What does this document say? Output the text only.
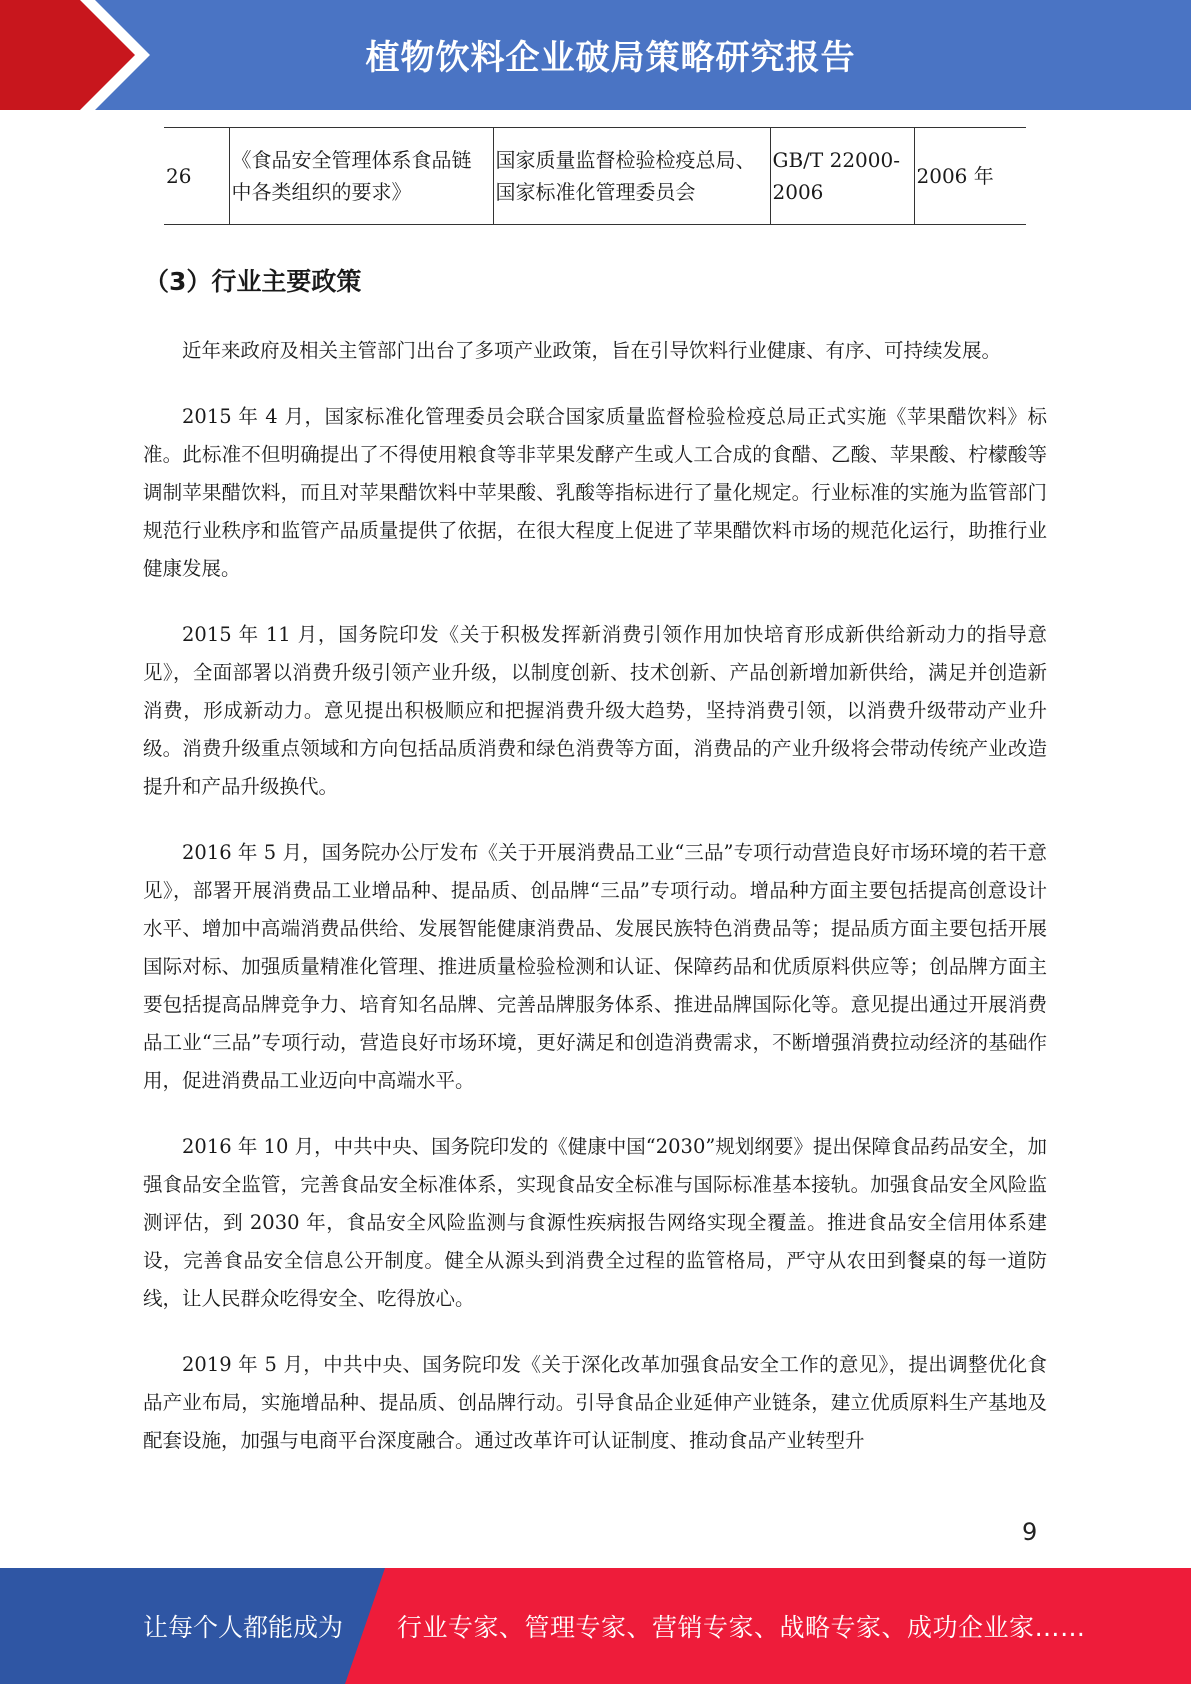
植物饮料企业破局策略研究报告
26	《食品安全管理体系食品链中各类组织的要求》	国家质量监督检验检疫总局、国家标准化管理委员会	GB/T 22000-2006	2006 年
（3）行业主要政策

近年来政府及相关主管部门出台了多项产业政策，旨在引导饮料行业健康、有序、可持续发展。

2015 年 4 月，国家标准化管理委员会联合国家质量监督检验检疫总局正式实施《苹果醋饮料》标准。此标准不但明确提出了不得使用粮食等非苹果发酵产生或人工合成的食醋、乙酸、苹果酸、柠檬酸等调制苹果醋饮料，而且对苹果醋饮料中苹果酸、乳酸等指标进行了量化规定。行业标准的实施为监管部门规范行业秩序和监管产品质量提供了依据，在很大程度上促进了苹果醋饮料市场的规范化运行，助推行业健康发展。

2015 年 11 月，国务院印发《关于积极发挥新消费引领作用加快培育形成新供给新动力的指导意见》，全面部署以消费升级引领产业升级，以制度创新、技术创新、产品创新增加新供给，满足并创造新消费，形成新动力。意见提出积极顺应和把握消费升级大趋势，坚持消费引领，以消费升级带动产业升级。消费升级重点领域和方向包括品质消费和绿色消费等方面，消费品的产业升级将会带动传统产业改造提升和产品升级换代。

2016 年 5 月，国务院办公厅发布《关于开展消费品工业“三品”专项行动营造良好市场环境的若干意见》，部署开展消费品工业增品种、提品质、创品牌“三品”专项行动。增品种方面主要包括提高创意设计水平、增加中高端消费品供给、发展智能健康消费品、发展民族特色消费品等；提品质方面主要包括开展国际对标、加强质量精准化管理、推进质量检验检测和认证、保障药品和优质原料供应等；创品牌方面主要包括提高品牌竞争力、培育知名品牌、完善品牌服务体系、推进品牌国际化等。意见提出通过开展消费品工业“三品”专项行动，营造良好市场环境，更好满足和创造消费需求，不断增强消费拉动经济的基础作用，促进消费品工业迈向中高端水平。

2016 年 10 月，中共中央、国务院印发的《健康中国“2030”规划纲要》提出保障食品药品安全，加强食品安全监管，完善食品安全标准体系，实现食品安全标准与国际标准基本接轨。加强食品安全风险监测评估，到 2030 年，食品安全风险监测与食源性疾病报告网络实现全覆盖。推进食品安全信用体系建设，完善食品安全信息公开制度。健全从源头到消费全过程的监管格局，严守从农田到餐桌的每一道防线，让人民群众吃得安全、吃得放心。

2019 年 5 月，中共中央、国务院印发《关于深化改革加强食品安全工作的意见》，提出调整优化食品产业布局，实施增品种、提品质、创品牌行动。引导食品企业延伸产业链条，建立优质原料生产基地及配套设施，加强与电商平台深度融合。通过改革许可认证制度、推动食品产业转型升

9
让每个人都能成为 行业专家、管理专家、营销专家、战略专家、成功企业家……
